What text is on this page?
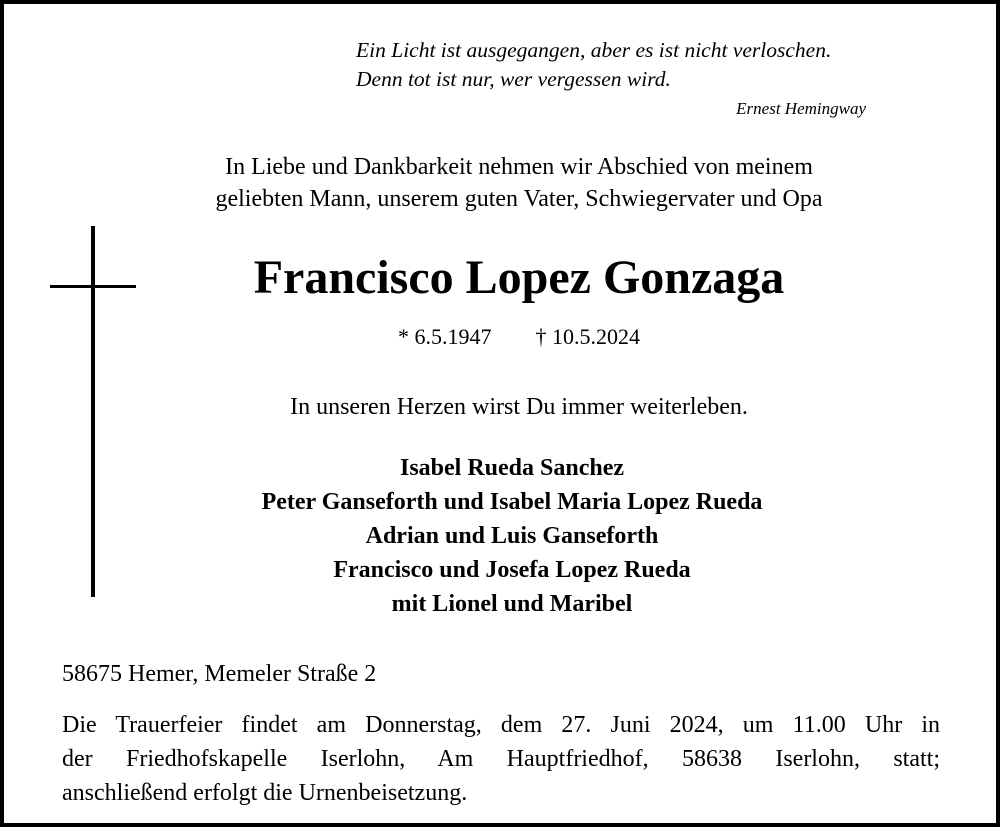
Ein Licht ist ausgegangen, aber es ist nicht verloschen.
Denn tot ist nur, wer vergessen wird.
Ernest Hemingway
In Liebe und Dankbarkeit nehmen wir Abschied von meinem
geliebten Mann, unserem guten Vater, Schwiegervater und Opa
Francisco Lopez Gonzaga
* 6.5.1947 † 10.5.2024
In unseren Herzen wirst Du immer weiterleben.
Isabel Rueda Sanchez
Peter Ganseforth und Isabel Maria Lopez Rueda
Adrian und Luis Ganseforth
Francisco und Josefa Lopez Rueda
mit Lionel und Maribel
58675 Hemer, Memeler Straße 2
Die Trauerfeier findet am Donnerstag, dem 27. Juni 2024, um 11.00 Uhr in
der Friedhofskapelle Iserlohn, Am Hauptfriedhof, 58638 Iserlohn, statt;
anschließend erfolgt die Urnenbeisetzung.
